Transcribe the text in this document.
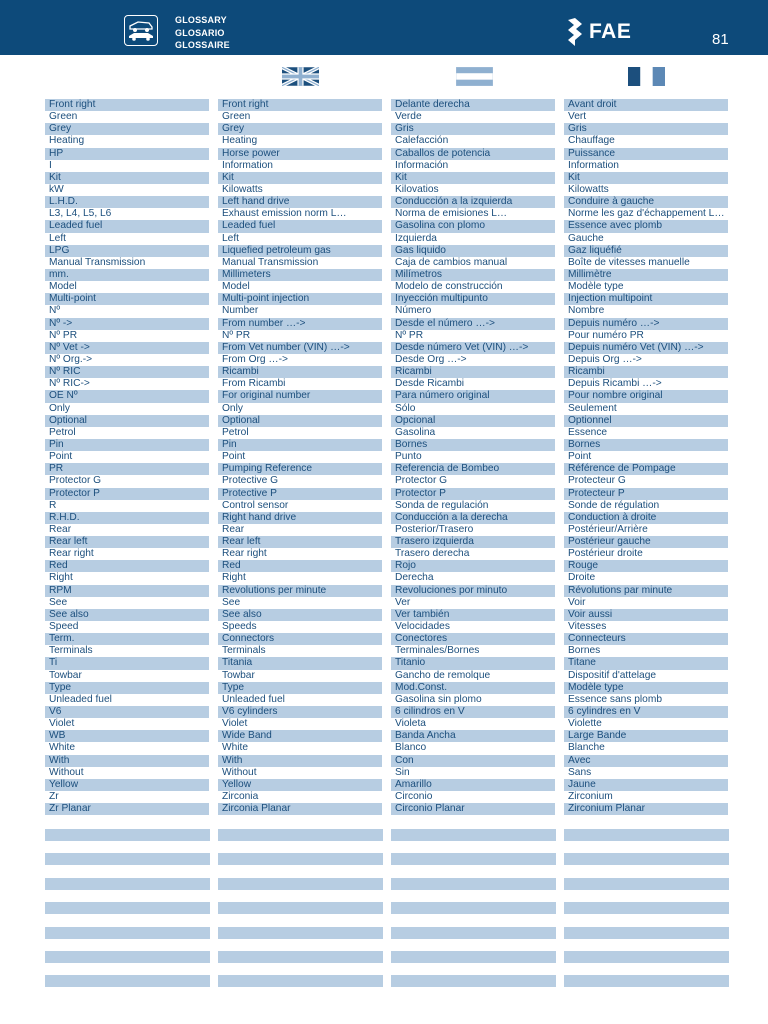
GLOSSARY
GLOSARIO
GLOSSAIRE
FAE	81
Front right
Green
Grey
Heating
HP
I
Kit
kW
L.H.D.
L3, L4, L5, L6
Leaded fuel
Left
LPG
Manual Transmission
mm.
Model
Multi-point
Nº
Nº ->
Nº PR
Nº Vet ->
Nº Org.->
Nº RIC
Nº RIC->
OE Nº
Only
Optional
Petrol
Pin
Point
PR
Protector G
Protector P
R
R.H.D.
Rear
Rear left
Rear right
Red
Right
RPM
See
See also
Speed
Term.
Terminals
Ti
Towbar
Type
Unleaded fuel
V6
Violet
WB
White
With
Without
Yellow
Zr
Zr Planar
Front right
Green
Grey
Heating
Horse power
Information
Kit
Kilowatts
Left hand drive
Exhaust emission norm L…
Leaded fuel
Left
Liquefied petroleum gas
Manual Transmission
Millimeters
Model
Multi-point injection
Number
From number …->
Nº PR
From Vet number (VIN) …->
From Org …->
Ricambi
From Ricambi
For original number
Only
Optional
Petrol
Pin
Point
Pumping Reference
Protective G
Protective P
Control sensor
Right hand drive
Rear
Rear left
Rear right
Red
Right
Revolutions per minute
See
See also
Speeds
Connectors
Terminals
Titania
Towbar
Type
Unleaded fuel
V6 cylinders
Violet
Wide Band
White
With
Without
Yellow
Zirconia
Zirconia Planar
Delante derecha
Verde
Gris
Calefacción
Caballos de potencia
Información
Kit
Kilovatios
Conducción a la izquierda
Norma de emisiones L…
Gasolina con plomo
Izquierda
Gas liquido
Caja de cambios manual
Milímetros
Modelo de construcción
Inyección multipunto
Número
Desde el número …->
Nº PR
Desde número Vet (VIN) …->
Desde Org …->
Ricambi
Desde Ricambi
Para número original
Sólo
Opcional
Gasolina
Bornes
Punto
Referencia de Bombeo
Protector G
Protector P
Sonda de regulación
Conducción a la derecha
Posterior/Trasero
Trasero izquierda
Trasero derecha
Rojo
Derecha
Revoluciones por minuto
Ver
Ver también
Velocidades
Conectores
Terminales/Bornes
Titanio
Gancho de remolque
Mod.Const.
Gasolina sin plomo
6 cilindros en V
Violeta
Banda Ancha
Blanco
Con
Sin
Amarillo
Circonio
Circonio Planar
Avant droit
Vert
Gris
Chauffage
Puissance
Information
Kit
Kilowatts
Conduire à gauche
Norme les gaz d'échappement L…
Essence avec plomb
Gauche
Gaz liquéfié
Boîte de vitesses manuelle
Millimètre
Modèle type
Injection multipoint
Nombre
Depuis numéro …->
Pour numéro PR
Depuis numéro Vet (VIN) …->
Depuis Org …->
Ricambi
Depuis Ricambi …->
Pour nombre original
Seulement
Optionnel
Essence
Bornes
Point
Référence de Pompage
Protecteur G
Protecteur P
Sonde de régulation
Conduction à droite
Postérieur/Arrière
Postérieur gauche
Postérieur droite
Rouge
Droite
Révolutions par minute
Voir
Voir aussi
Vitesses
Connecteurs
Bornes
Titane
Dispositif d'attelage
Modèle type
Essence sans plomb
6 cylindres en V
Violette
Large Bande
Blanche
Avec
Sans
Jaune
Zirconium
Zirconium Planar
